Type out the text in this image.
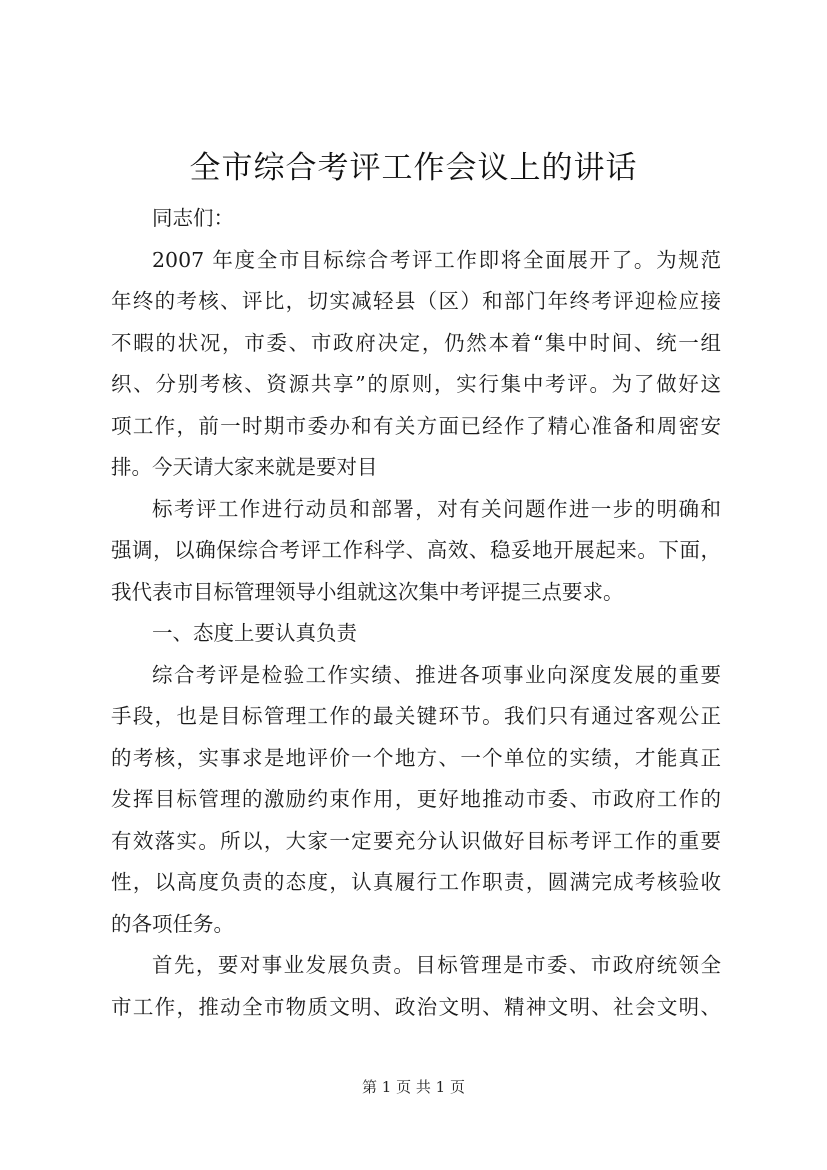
全市综合考评工作会议上的讲话
同志们：
2007 年度全市目标综合考评工作即将全面展开了。为规范
年终的考核、评比，切实减轻县（区）和部门年终考评迎检应接
不暇的状况，市委、市政府决定，仍然本着“集中时间、统一组
织、分别考核、资源共享”的原则，实行集中考评。为了做好这
项工作，前一时期市委办和有关方面已经作了精心准备和周密安
排。今天请大家来就是要对目
标考评工作进行动员和部署，对有关问题作进一步的明确和
强调，以确保综合考评工作科学、高效、稳妥地开展起来。下面，
我代表市目标管理领导小组就这次集中考评提三点要求。
一、态度上要认真负责
综合考评是检验工作实绩、推进各项事业向深度发展的重要
手段，也是目标管理工作的最关键环节。我们只有通过客观公正
的考核，实事求是地评价一个地方、一个单位的实绩，才能真正
发挥目标管理的激励约束作用，更好地推动市委、市政府工作的
有效落实。所以，大家一定要充分认识做好目标考评工作的重要
性，以高度负责的态度，认真履行工作职责，圆满完成考核验收
的各项任务。
首先，要对事业发展负责。目标管理是市委、市政府统领全
市工作，推动全市物质文明、政治文明、精神文明、社会文明、
第 1 页 共 1 页
